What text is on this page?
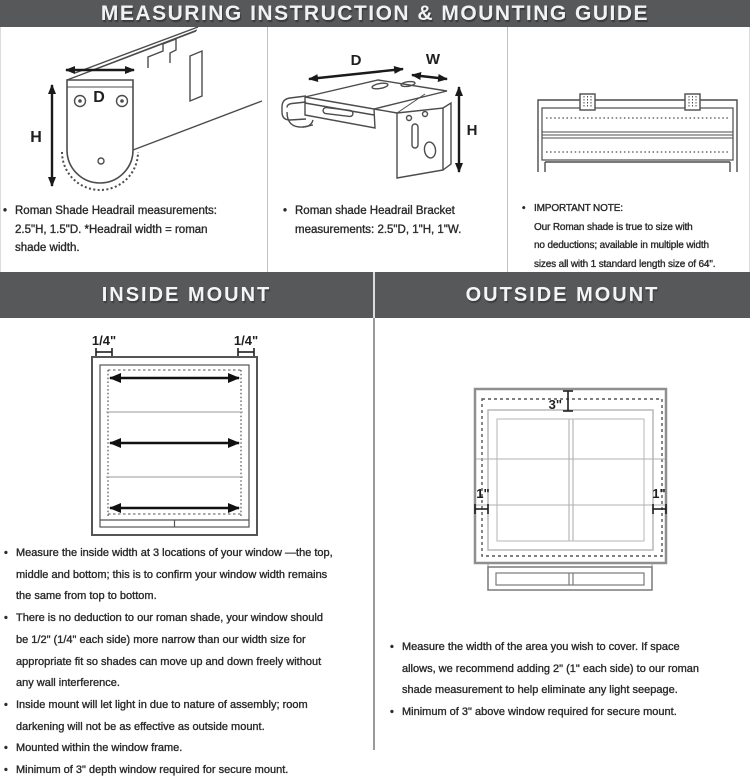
MEASURING INSTRUCTION & MOUNTING GUIDE
D
H
D	W
H
• Roman Shade Headrail measurements:
2.5"H, 1.5"D. *Headrail width = roman
shade width.
• Roman shade Headrail Bracket
measurements: 2.5"D, 1"H, 1"W.
• IMPORTANT NOTE:
Our Roman shade is true to size with
no deductions; available in multiple width
sizes all with 1 standard length size of 64".
INSIDE MOUNT	OUTSIDE MOUNT
1/4"	1/4"
3"
1"	1"
• Measure the inside width at 3 locations of your window —the top,
middle and bottom; this is to confirm your window width remains
the same from top to bottom.
• There is no deduction to our roman shade, your window should
be 1/2" (1/4" each side) more narrow than our width size for
appropriate fit so shades can move up and down freely without
any wall interference.
• Inside mount will let light in due to nature of assembly; room
darkening will not be as effective as outside mount.
• Mounted within the window frame.
• Minimum of 3" depth window required for secure mount.
• Measure the width of the area you wish to cover. If space
allows, we recommend adding 2" (1" each side) to our roman
shade measurement to help eliminate any light seepage.
• Minimum of 3" above window required for secure mount.
